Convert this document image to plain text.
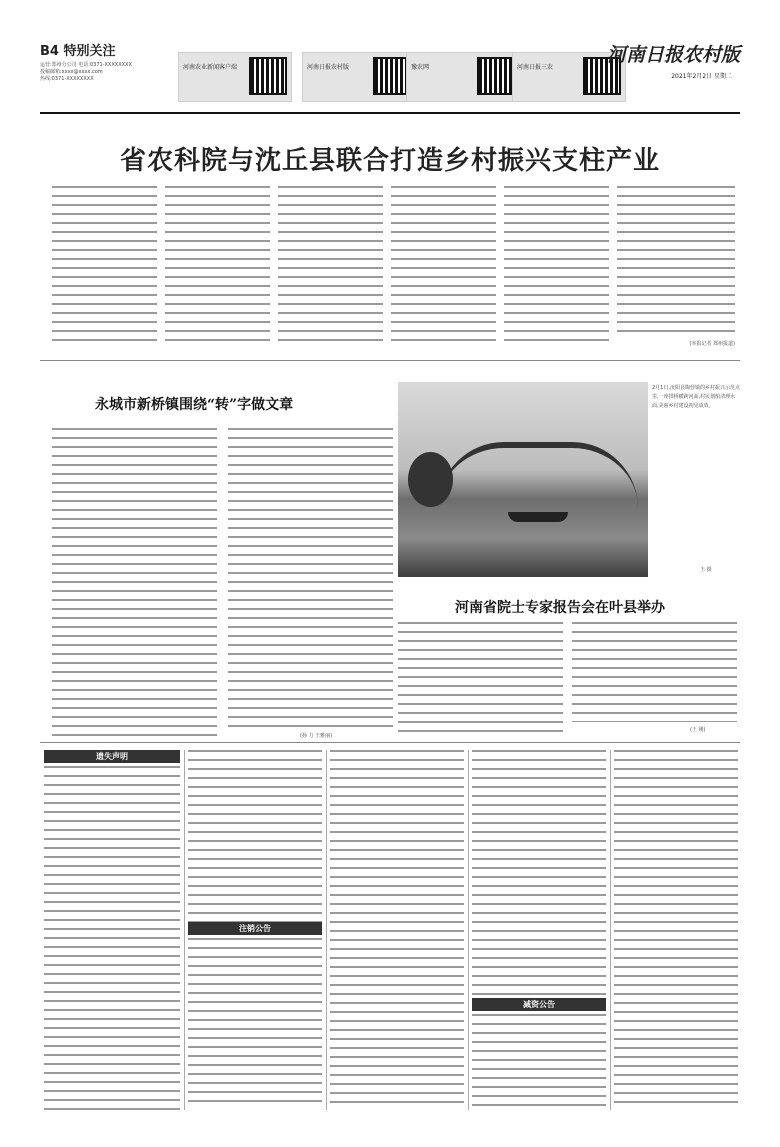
B4 特别关注
运营:郑州分公司 电话:0371-XXXXXXXX
投稿邮箱:xxxx@xxxx.com
热线:0371-XXXXXXXX
河南农业新闻客户端	河南日报农村版	豫农网	河南日报三农
河南日报农村版
2021年2月2日 星期二
省农科院与沈丘县联合打造乡村振兴支柱产业
(本报记者 郑州报道)
永城市新桥镇围绕“转”字做文章
(孙 力 王雅丽)
2月1日,汝阳县陶营镇的乡村振兴示范点里,一座拱桥横跨河面,村民划船清理水面,美丽乡村建设初见成效。
王 摄
河南省院士专家报告会在叶县举办
(王 刚)
遗失声明
注销公告
减资公告
